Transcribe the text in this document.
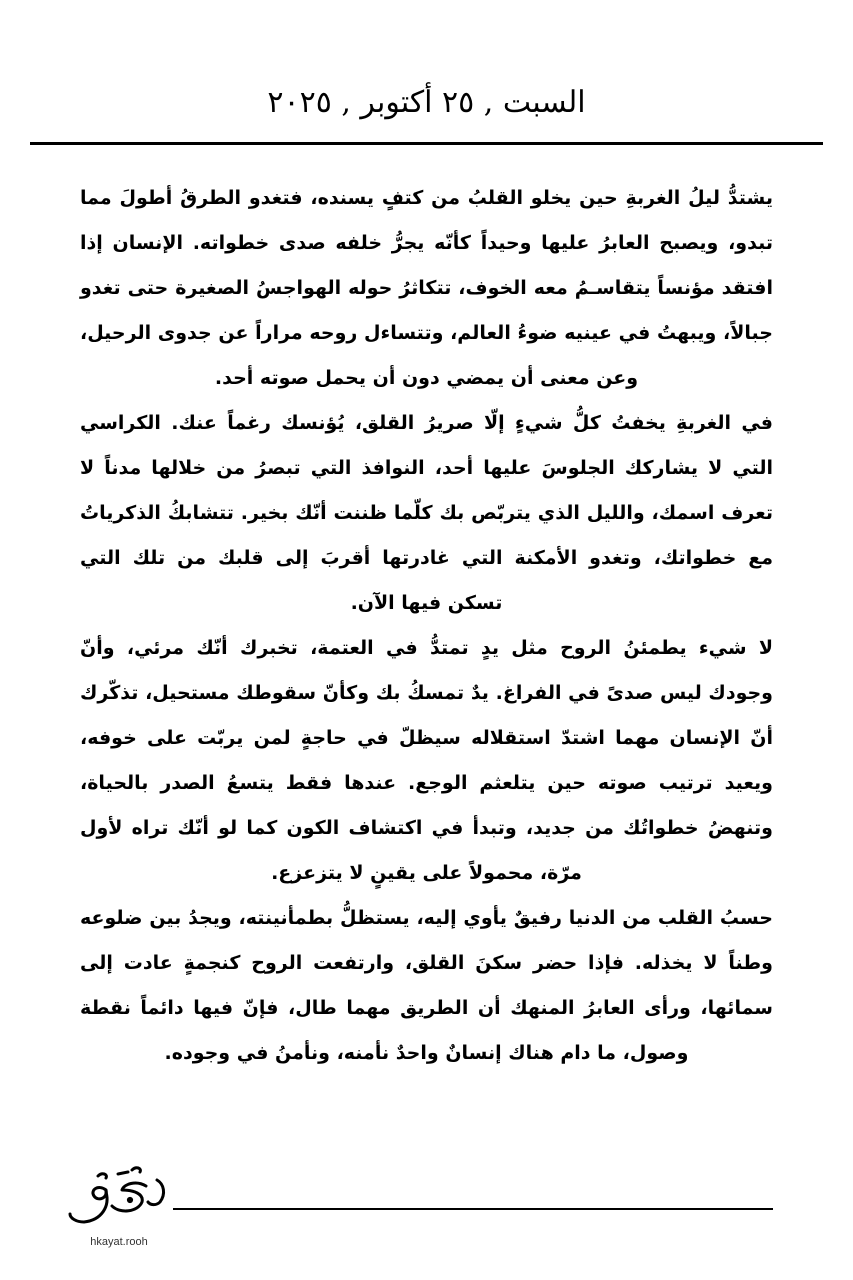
السبت , ٢٥ أكتوبر , ٢٠٢٥

يشتدُّ ليلُ الغربةِ حين يخلو القلبُ من كتفٍ يسنده، فتغدو الطرقُ أطولَ مما تبدو، ويصبح العابرُ عليها وحيداً كأنّه يجرُّ خلفه صدى خطواته. الإنسان إذا افتقد مؤنساً يتقاسـمُ معه الخوف، تتكاثرُ حوله الهواجسُ الصغيرة حتى تغدو جبالاً، ويبهتُ في عينيه ضوءُ العالم، وتتساءل روحه مراراً عن جدوى الرحيل، وعن معنى أن يمضي دون أن يحمل صوته أحد.

في الغربةِ يخفتُ كلُّ شيءٍ إلّا صريرُ القلق، يُؤنسك رغماً عنك. الكراسي التي لا يشاركك الجلوسَ عليها أحد، النوافذ التي تبصرُ من خلالها مدناً لا تعرف اسمك، والليل الذي يتربّص بك كلّما ظننت أنّك بخير. تتشابكُ الذكرياتُ مع خطواتك، وتغدو الأمكنة التي غادرتها أقربَ إلى قلبك من تلك التي تسكن فيها الآن.

لا شيء يطمئنُ الروح مثل يدٍ تمتدُّ في العتمة، تخبرك أنّك مرئي، وأنّ وجودك ليس صدىً في الفراغ. يدٌ تمسكُ بك وكأنّ سقوطك مستحيل، تذكّرك أنّ الإنسان مهما اشتدّ استقلاله سيظلّ في حاجةٍ لمن يربّت على خوفه، ويعيد ترتيب صوته حين يتلعثم الوجع. عندها فقط يتسعُ الصدر بالحياة، وتنهضُ خطواتُك من جديد، وتبدأ في اكتشاف الكون كما لو أنّك تراه لأول مرّة، محمولاً على يقينٍ لا يتزعزع.

حسبُ القلب من الدنيا رفيقٌ يأوي إليه، يستظلُّ بطمأنينته، ويجدُ بين ضلوعه وطناً لا يخذله. فإذا حضر سكنَ القلق، وارتفعت الروح كنجمةٍ عادت إلى سمائها، ورأى العابرُ المنهك أن الطريق مهما طال، فإنّ فيها دائماً نقطة وصول، ما دام هناك إنسانٌ واحدٌ نأمنه، ونأمنُ في وجوده.

hkayat.rooh
